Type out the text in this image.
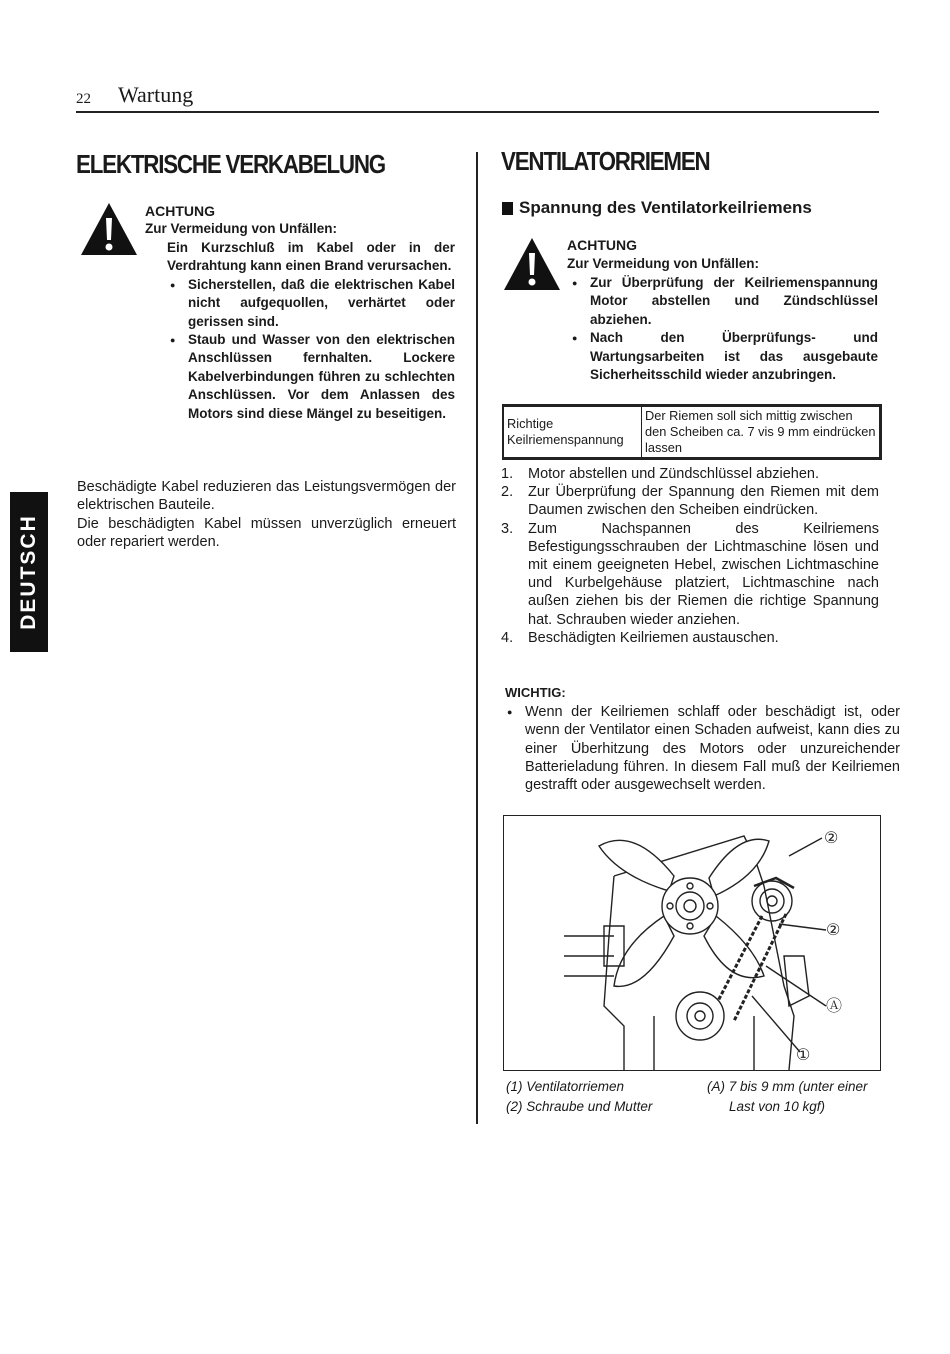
22 Wartung
DEUTSCH
ELEKTRISCHE VERKABELUNG
ACHTUNG
Zur Vermeidung von Unfällen:

Ein Kurzschluß im Kabel oder in der Verdrahtung kann einen Brand verursachen.

● Sicherstellen, daß die elektrischen Kabel nicht aufgequollen, verhärtet oder gerissen sind.

● Staub und Wasser von den elektrischen Anschlüssen fernhalten. Lockere Kabelverbindungen führen zu schlechten Anschlüssen. Vor dem Anlassen des Motors sind diese Mängel zu beseitigen.

Beschädigte Kabel reduzieren das Leistungsvermögen der elektrischen Bauteile.

Die beschädigten Kabel müssen unverzüglich erneuert oder repariert werden.

VENTILATORRIEMEN
Spannung des Ventilatorkeilriemens
ACHTUNG
Zur Vermeidung von Unfällen:

● Zur Überprüfung der Keilriemenspannung Motor abstellen und Zündschlüssel abziehen.

● Nach den Überprüfungs- und Wartungsarbeiten ist das ausgebaute Sicherheitsschild wieder anzubringen.

Richtige Keilriemenspannung	Der Riemen soll sich mittig zwischen den Scheiben ca. 7 vis 9 mm eindrücken lassen
1. Motor abstellen und Zündschlüssel abziehen.
2. Zur Überprüfung der Spannung den Riemen mit dem Daumen zwischen den Scheiben eindrücken.
3. Zum Nachspannen des Keilriemens Befestigungsschrauben der Lichtmaschine lösen und mit einem geeigneten Hebel, zwischen Lichtmaschine und Kurbelgehäuse platziert, Lichtmaschine nach außen ziehen bis der Riemen die richtige Spannung hat. Schrauben wieder anziehen.
4. Beschädigten Keilriemen austauschen.
WICHTIG:
● Wenn der Keilriemen schlaff oder beschädigt ist, oder wenn der Ventilator einen Schaden aufweist, kann dies zu einer Überhitzung des Motors oder unzureichender Batterieladung führen. In diesem Fall muß der Keilriemen gestrafft oder ausgewechselt werden.
②
②
Ⓐ
①
(1) Ventilatorriemen
(2) Schraube und Mutter
(A) 7 bis 9 mm (unter einer
Last von 10 kgf)
